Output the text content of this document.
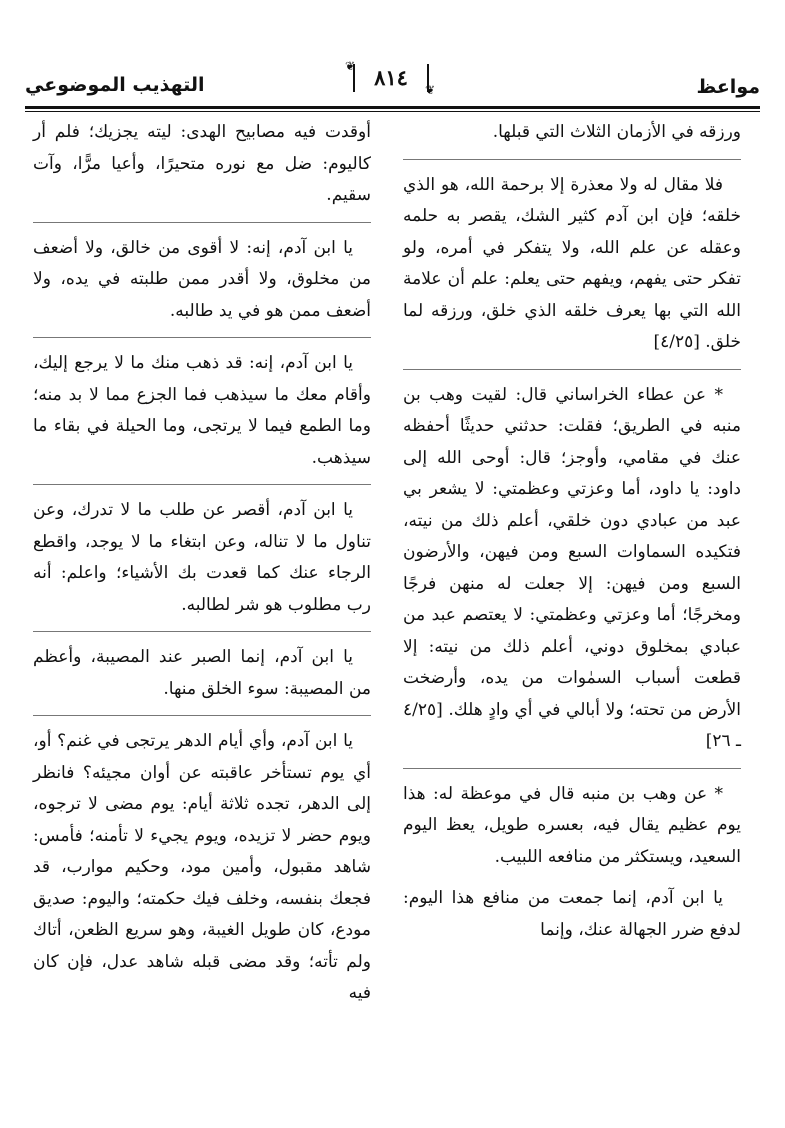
مواعظ
❦
❦
٨١٤
التهذيب الموضوعي

ورزقه في الأزمان الثلاث التي قبلها.

فلا مقال له ولا معذرة إلا برحمة الله، هو الذي خلقه؛ فإن ابن آدم كثير الشك، يقصر به حلمه وعقله عن علم الله، ولا يتفكر في أمره، ولو تفكر حتى يفهم، ويفهم حتى يعلم: علم أن علامة الله التي بها يعرف خلقه الذي خلق، ورزقه لما خلق. [٤/٢٥]

* عن عطاء الخراساني قال: لقيت وهب بن منبه في الطريق؛ فقلت: حدثني حديثًا أحفظه عنك في مقامي، وأوجز؛ قال: أوحى الله إلى داود: يا داود، أما وعزتي وعظمتي: لا يشعر بي عبد من عبادي دون خلقي، أعلم ذلك من نيته، فتكيده السماوات السبع ومن فيهن، والأرضون السبع ومن فيهن: إلا جعلت له منهن فرجًا ومخرجًا؛ أما وعزتي وعظمتي: لا يعتصم عبد من عبادي بمخلوق دوني، أعلم ذلك من نيته: إلا قطعت أسباب السمٰوات من يده، وأرضخت الأرض من تحته؛ ولا أبالي في أي وادٍ هلك. [٤/٢٥ ـ ٢٦]

* عن وهب بن منبه قال في موعظة له: هذا يوم عظيم يقال فيه، بعسره طويل، يعظ اليوم السعيد، ويستكثر من منافعه اللبيب.

يا ابن آدم، إنما جمعت من منافع هذا اليوم: لدفع ضرر الجهالة عنك، وإنما

أوقدت فيه مصابيح الهدى: ليته يجزيك؛ فلم أر كاليوم: ضل مع نوره متحيرًا، وأعيا مرًّا، وآت سقيم.

يا ابن آدم، إنه: لا أقوى من خالق، ولا أضعف من مخلوق، ولا أقدر ممن طلبته في يده، ولا أضعف ممن هو في يد طالبه.

يا ابن آدم، إنه: قد ذهب منك ما لا يرجع إليك، وأقام معك ما سيذهب فما الجزع مما لا بد منه؛ وما الطمع فيما لا يرتجى، وما الحيلة في بقاء ما سيذهب.

يا ابن آدم، أقصر عن طلب ما لا تدرك، وعن تناول ما لا تناله، وعن ابتغاء ما لا يوجد، واقطع الرجاء عنك كما قعدت بك الأشياء؛ واعلم: أنه رب مطلوب هو شر لطالبه.

يا ابن آدم، إنما الصبر عند المصيبة، وأعظم من المصيبة: سوء الخلق منها.

يا ابن آدم، وأي أيام الدهر يرتجى في غنم؟ أو، أي يوم تستأخر عاقبته عن أوان مجيئه؟ فانظر إلى الدهر، تجده ثلاثة أيام: يوم مضى لا ترجوه، ويوم حضر لا تزيده، ويوم يجيء لا تأمنه؛ فأمس: شاهد مقبول، وأمين مود، وحكيم موارب، قد فجعك بنفسه، وخلف فيك حكمته؛ واليوم: صديق مودع، كان طويل الغيبة، وهو سريع الظعن، أتاك ولم تأته؛ وقد مضى قبله شاهد عدل، فإن كان فيه
